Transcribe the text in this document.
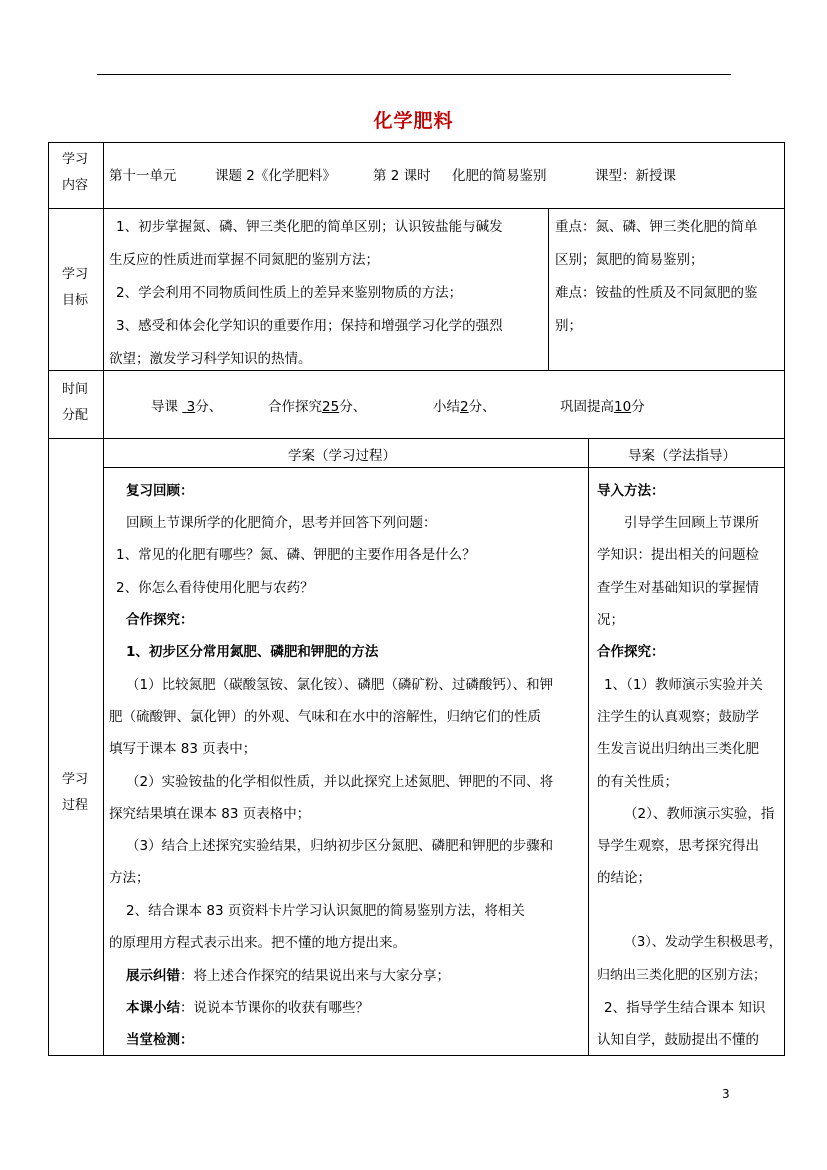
化学肥料
学习
内容
第十一单元	课题 2《化学肥料》	第 2 课时 化肥的简易鉴别	课型：新授课
学习
目标
1、初步掌握氮、磷、钾三类化肥的简单区别；认识铵盐能与碱发
生反应的性质进而掌握不同氮肥的鉴别方法；
2、学会利用不同物质间性质上的差异来鉴别物质的方法；
3、感受和体会化学知识的重要作用；保持和增强学习化学的强烈
欲望；激发学习科学知识的热情。
重点：氮、磷、钾三类化肥的简单
区别；氮肥的简易鉴别；
难点：铵盐的性质及不同氮肥的鉴
别；
时间
分配
导课 3分、	合作探究25分、	小结2分、	巩固提高10分
学习
过程
学案（学习过程）	导案（学法指导）
复习回顾：
回顾上节课所学的化肥简介，思考并回答下列问题：
1、常见的化肥有哪些？氮、磷、钾肥的主要作用各是什么？
2、你怎么看待使用化肥与农药？
合作探究：
1、初步区分常用氮肥、磷肥和钾肥的方法
（1）比较氮肥（碳酸氢铵、氯化铵）、磷肥（磷矿粉、过磷酸钙）、和钾
肥（硫酸钾、氯化钾）的外观、气味和在水中的溶解性，归纳它们的性质
填写于课本 83 页表中；
（2）实验铵盐的化学相似性质，并以此探究上述氮肥、钾肥的不同、将
探究结果填在课本 83 页表格中；
（3）结合上述探究实验结果，归纳初步区分氮肥、磷肥和钾肥的步骤和
方法；
2、结合课本 83 页资料卡片学习认识氮肥的简易鉴别方法，将相关
的原理用方程式表示出来。把不懂的地方提出来。
展示纠错：将上述合作探究的结果说出来与大家分享；
本课小结：说说本节课你的收获有哪些？
当堂检测：
导入方法：
引导学生回顾上节课所
学知识：提出相关的问题检
查学生对基础知识的掌握情
况；
合作探究：
1、（1）教师演示实验并关
注学生的认真观察；鼓励学
生发言说出归纳出三类化肥
的有关性质；
（2）、教师演示实验，指
导学生观察，思考探究得出
的结论；
（3）、发动学生积极思考，
归纳出三类化肥的区别方法；
2、指导学生结合课本 知识
认知自学，鼓励提出不懂的
3
